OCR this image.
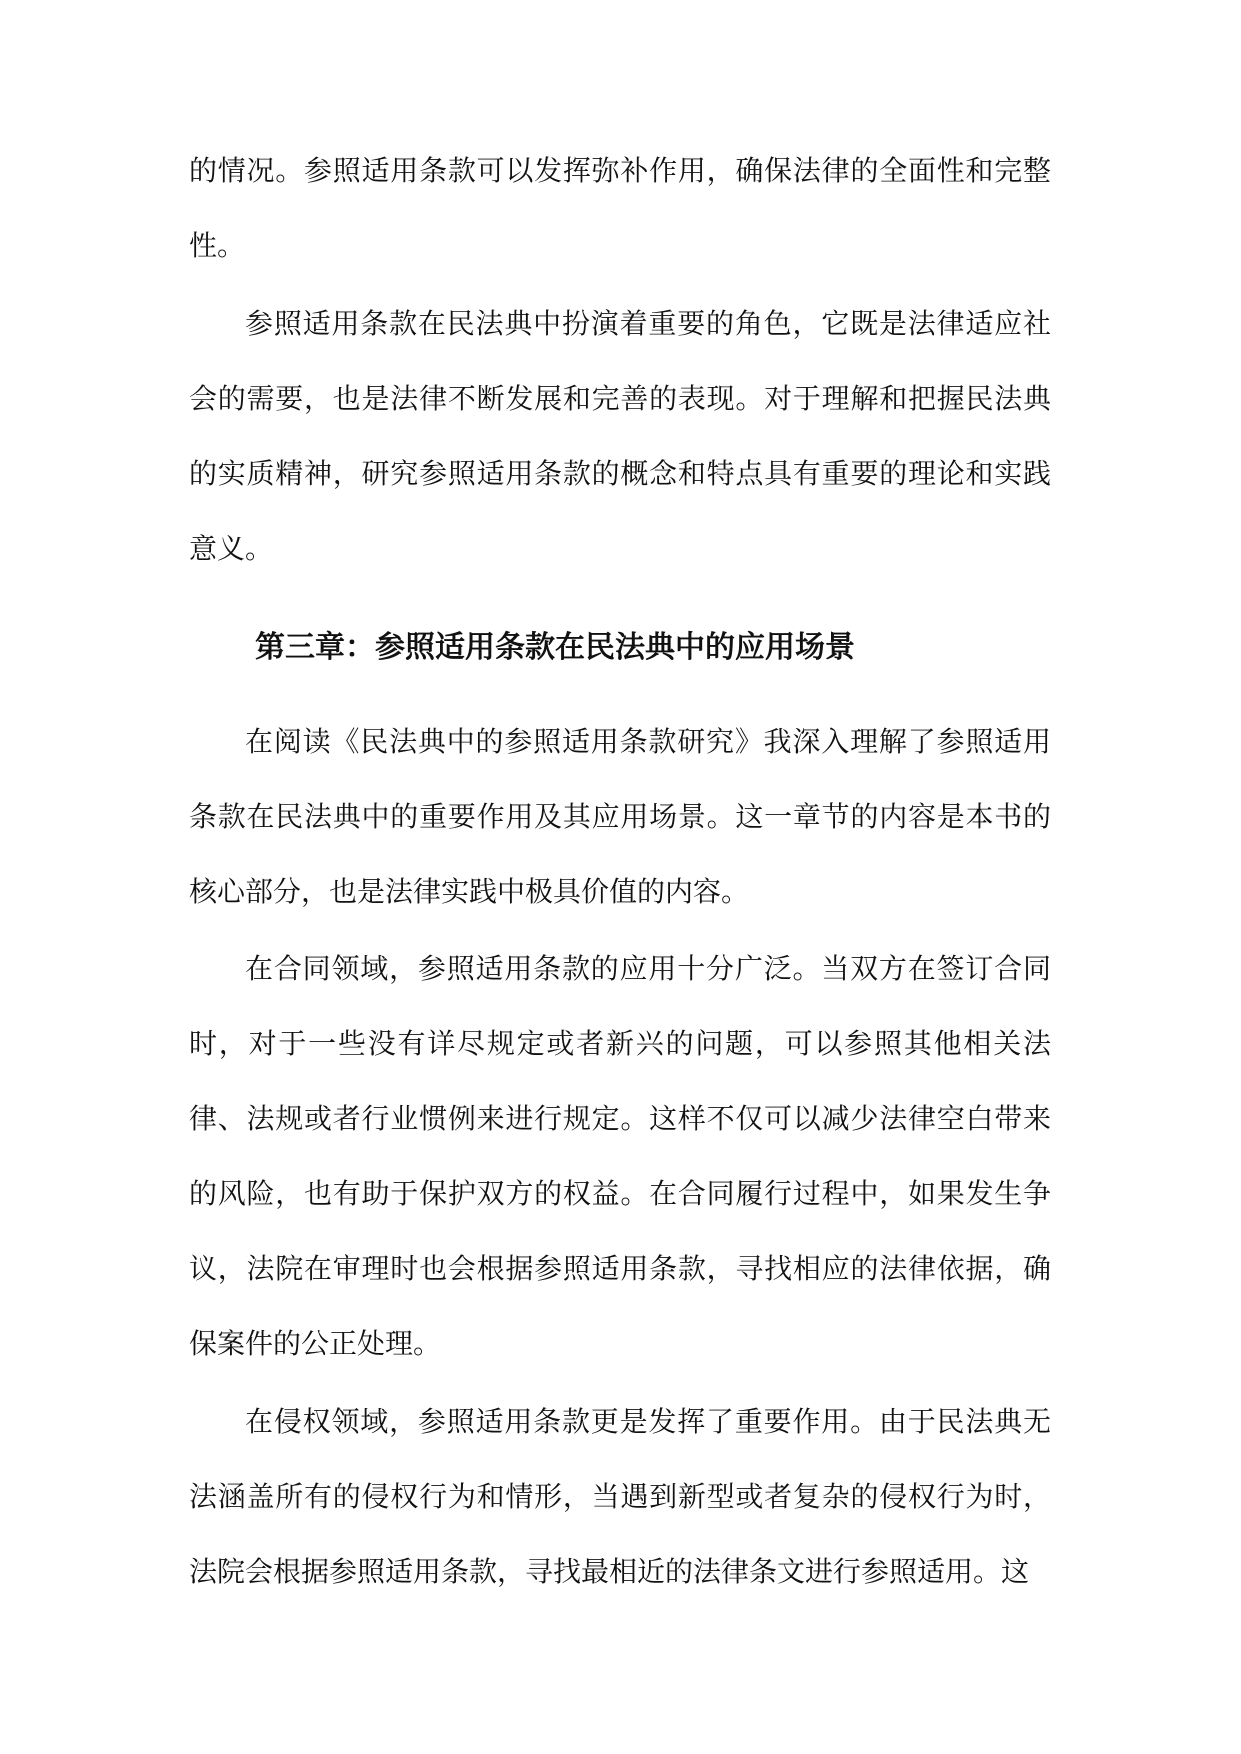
的情况。参照适用条款可以发挥弥补作用，确保法律的全面性和完整性。

参照适用条款在民法典中扮演着重要的角色，它既是法律适应社会的需要，也是法律不断发展和完善的表现。对于理解和把握民法典的实质精神，研究参照适用条款的概念和特点具有重要的理论和实践意义。

第三章：参照适用条款在民法典中的应用场景

在阅读《民法典中的参照适用条款研究》我深入理解了参照适用条款在民法典中的重要作用及其应用场景。这一章节的内容是本书的核心部分，也是法律实践中极具价值的内容。

在合同领域，参照适用条款的应用十分广泛。当双方在签订合同时，对于一些没有详尽规定或者新兴的问题，可以参照其他相关法律、法规或者行业惯例来进行规定。这样不仅可以减少法律空白带来的风险，也有助于保护双方的权益。在合同履行过程中，如果发生争议，法院在审理时也会根据参照适用条款，寻找相应的法律依据，确保案件的公正处理。

在侵权领域，参照适用条款更是发挥了重要作用。由于民法典无法涵盖所有的侵权行为和情形，当遇到新型或者复杂的侵权行为时，法院会根据参照适用条款，寻找最相近的法律条文进行参照适用。这
